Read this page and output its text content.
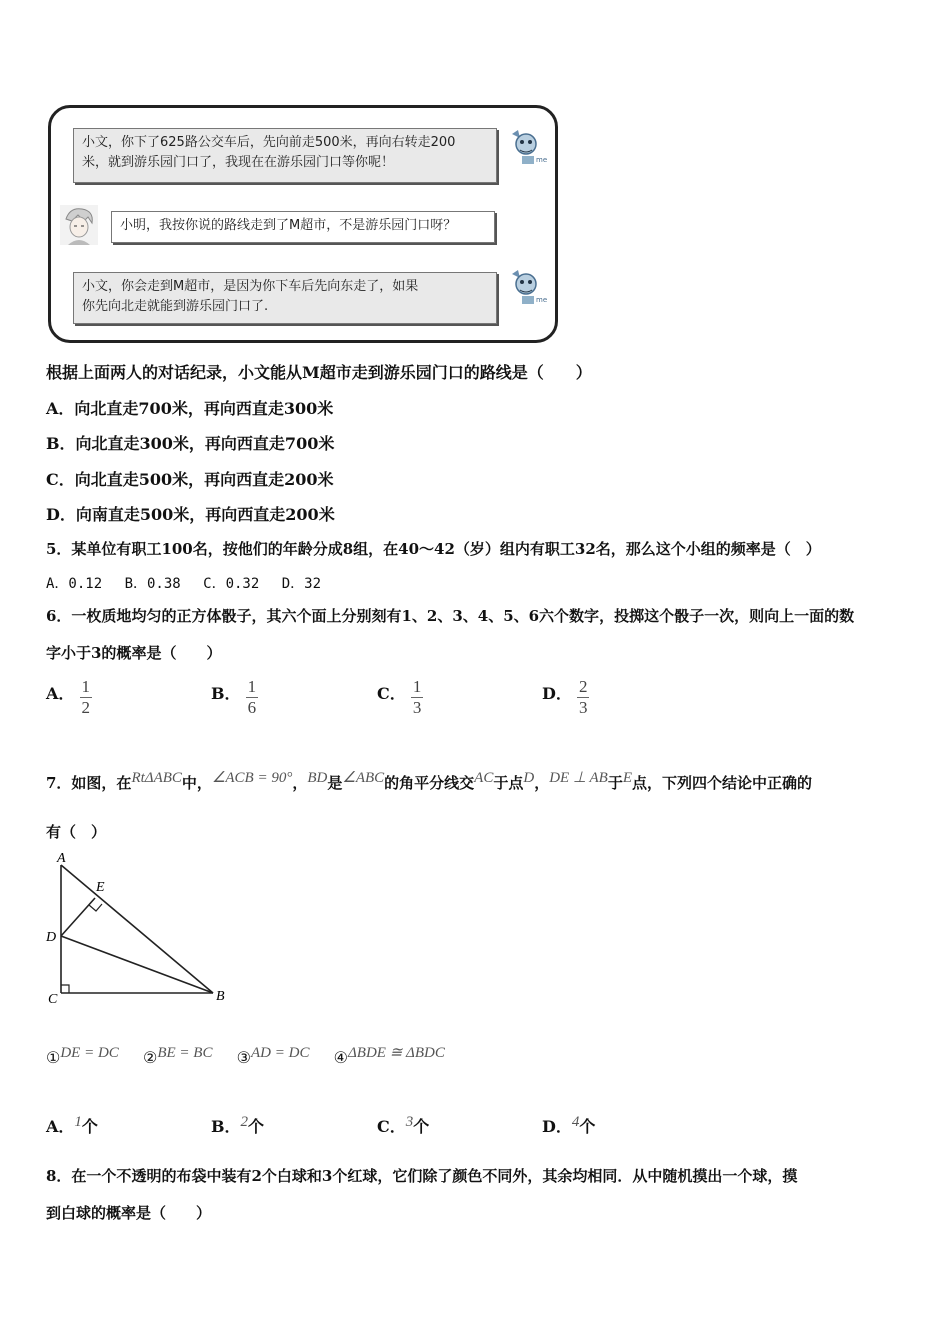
小文，你下了625路公交车后，先向前走500米，再向右转走200
米，就到游乐园门口了，我现在在游乐园门口等你呢！	me
小明，我按你说的路线走到了M超市，不是游乐园门口呀？
小文，你会走到M超市，是因为你下车后先向东走了，如果
你先向北走就能到游乐园门口了.	me
根据上面两人的对话纪录，小文能从M超市走到游乐园门口的路线是（　　）
A．向北直走700米，再向西直走300米
B．向北直走300米，再向西直走700米
C．向北直走500米，再向西直走200米
D．向南直走500米，再向西直走200米
5．某单位有职工100名，按他们的年龄分成8组，在40～42（岁）组内有职工32名，那么这个小组的频率是（　）
A．0.12　 B．0.38　 C．0.32　 D．32
6．一枚质地均匀的正方体骰子，其六个面上分别刻有1、2、3、4、5、6六个数字，投掷这个骰子一次，则向上一面的数
字小于3的概率是（　　）
A． $\frac{1}{2}$	B． $\frac{1}{6}$	C． $\frac{1}{3}$	D． $\frac{2}{3}$
7．如图，在RtΔABC中，∠ACB = 90°，BD是∠ABC的角平分线交AC于点D，DE ⊥ AB于E点，下列四个结论中正确的
有（　）
A
E
D
C	B
①DE = DC ②BE = BC ③AD = DC ④ΔBDE ≅ ΔBDC
A．1个	B．2个	C．3个	D．4个
8．在一个不透明的布袋中装有2个白球和3个红球，它们除了颜色不同外，其余均相同．从中随机摸出一个球，摸
到白球的概率是（　　）
